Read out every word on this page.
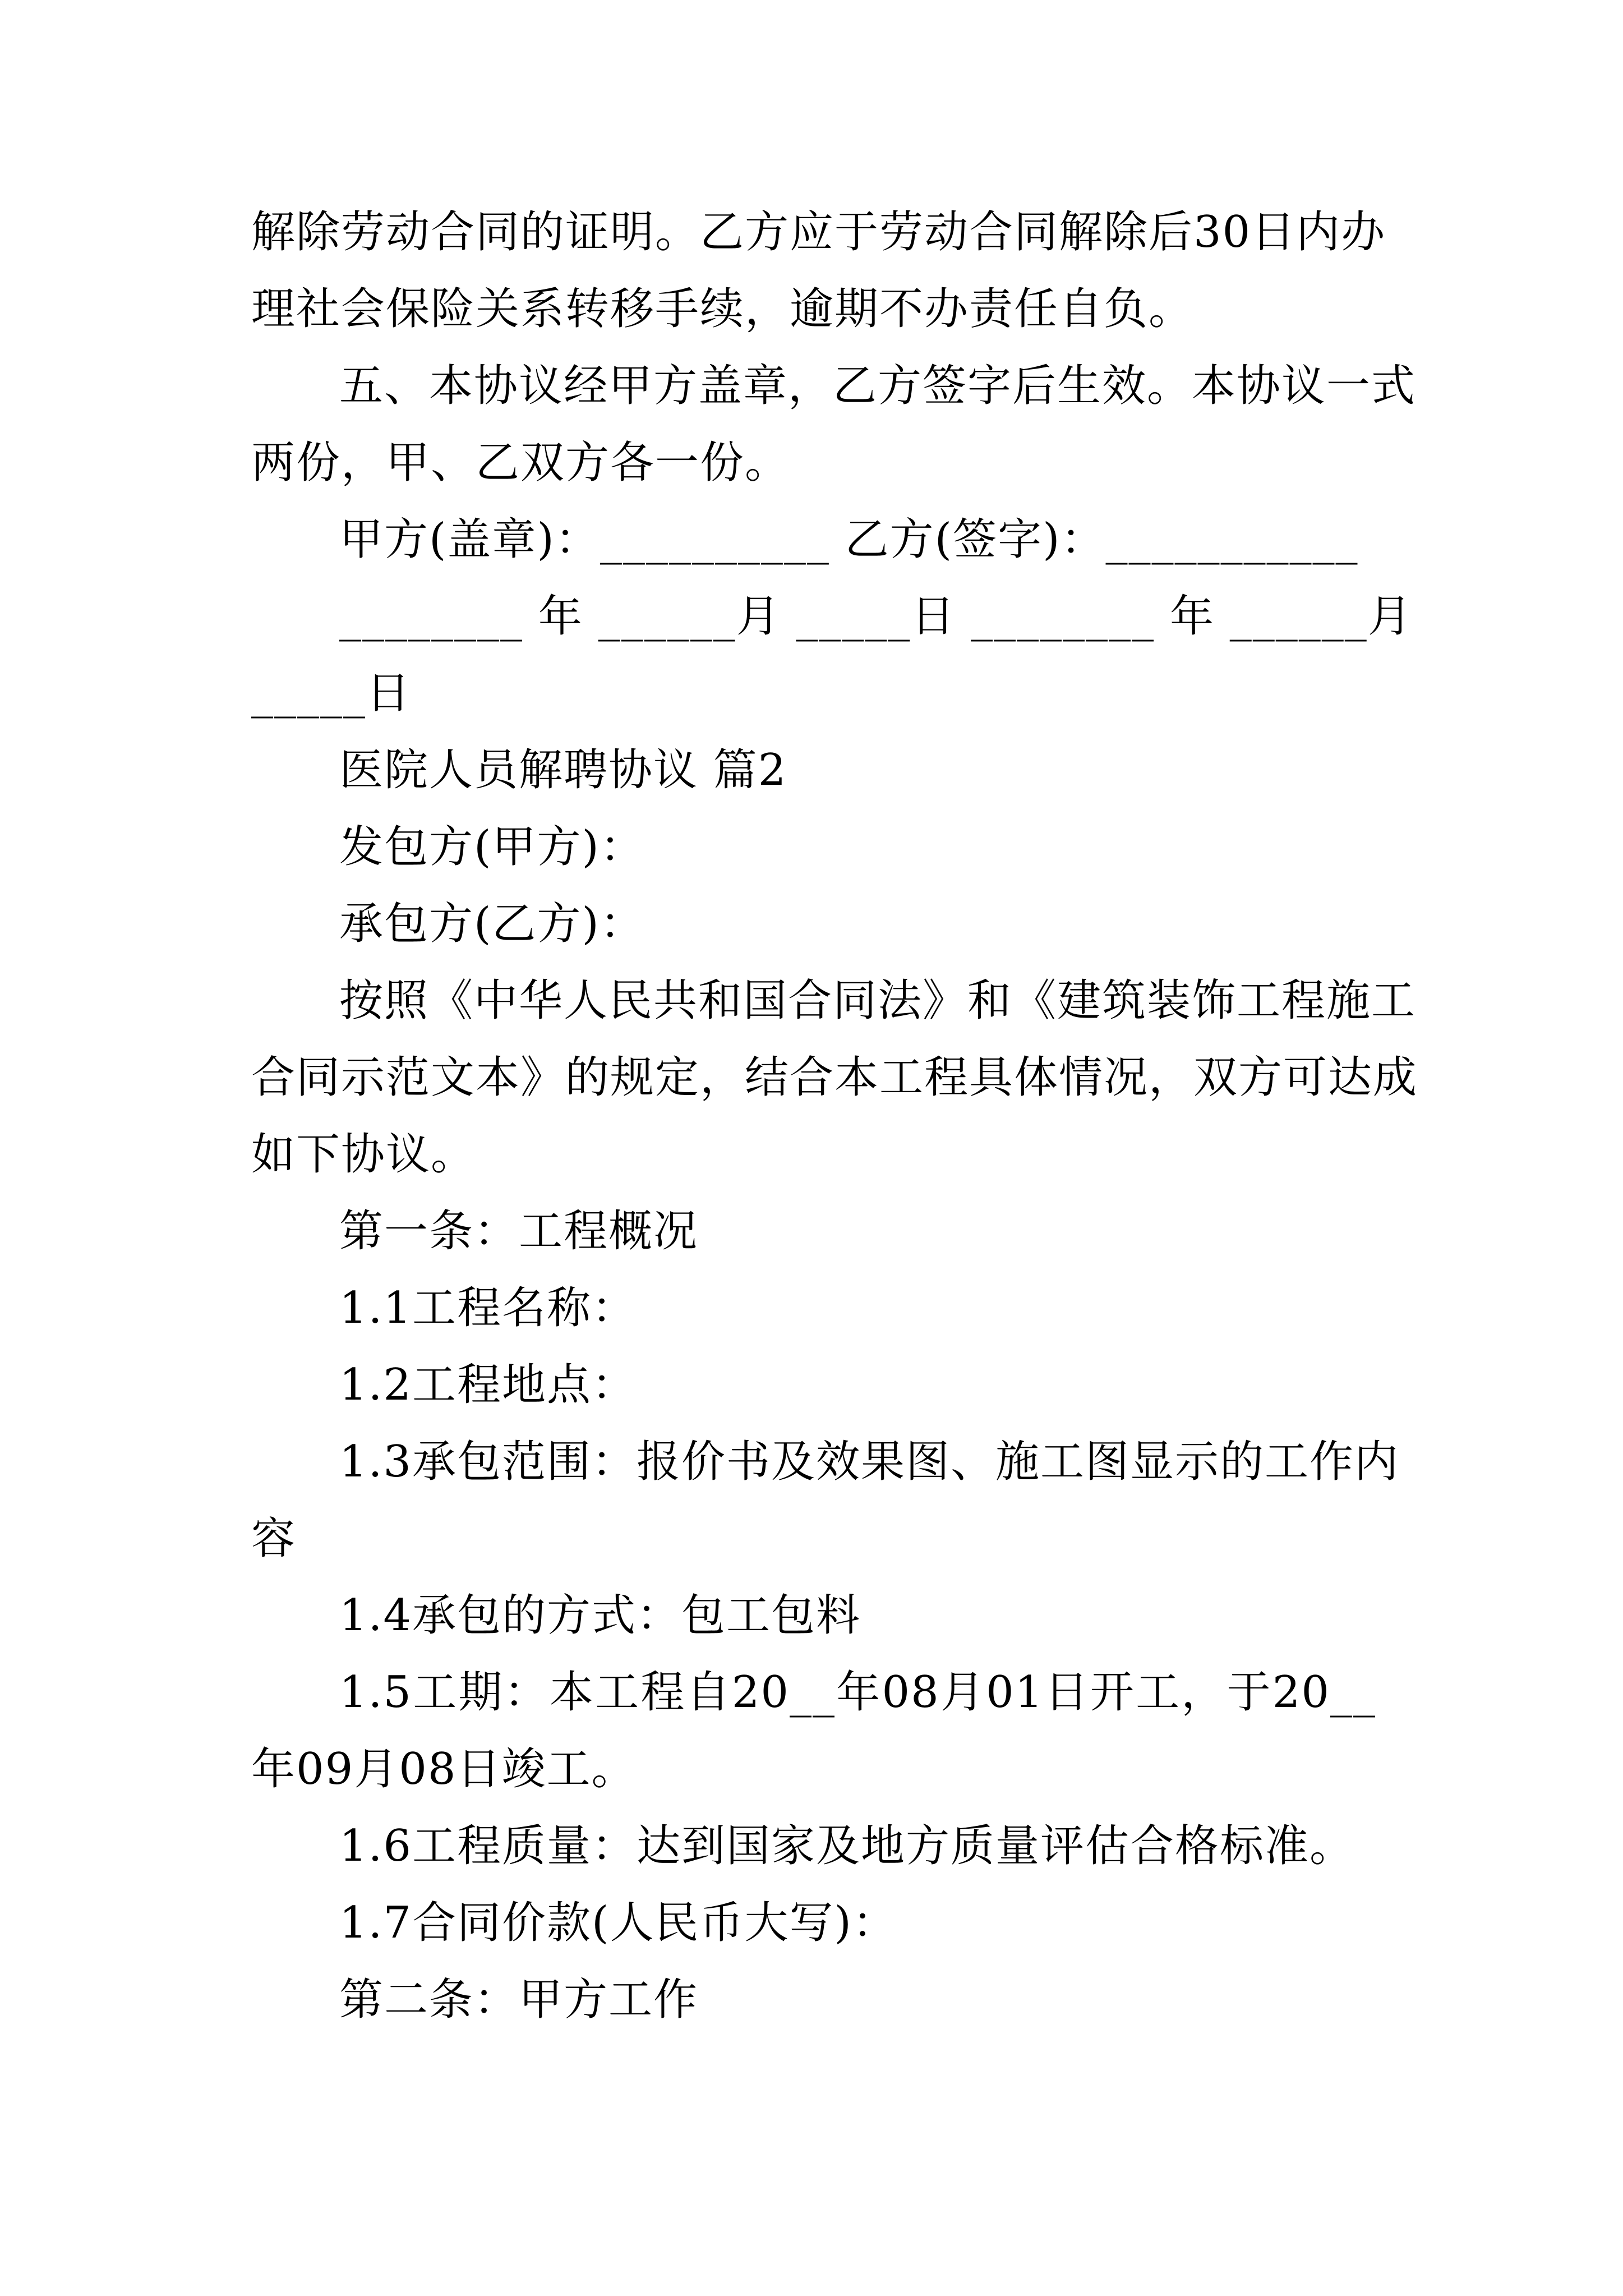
解除劳动合同的证明。乙方应于劳动合同解除后30日内办
理社会保险关系转移手续，逾期不办责任自负。
五、本协议经甲方盖章，乙方签字后生效。本协议一式
两份，甲、乙双方各一份。
甲方(盖章)：__________ 乙方(签字)：___________
________ 年 ______月 _____日 ________ 年 ______月
_____日
医院人员解聘协议 篇2
发包方(甲方)：
承包方(乙方)：
按照《中华人民共和国合同法》和《建筑装饰工程施工
合同示范文本》的规定，结合本工程具体情况，双方可达成
如下协议。
第一条：工程概况
1.1工程名称：
1.2工程地点：
1.3承包范围：报价书及效果图、施工图显示的工作内
容
1.4承包的方式：包工包料
1.5工期：本工程自20__年08月01日开工，于20__
年09月08日竣工。
1.6工程质量：达到国家及地方质量评估合格标准。
1.7合同价款(人民币大写)：
第二条：甲方工作
